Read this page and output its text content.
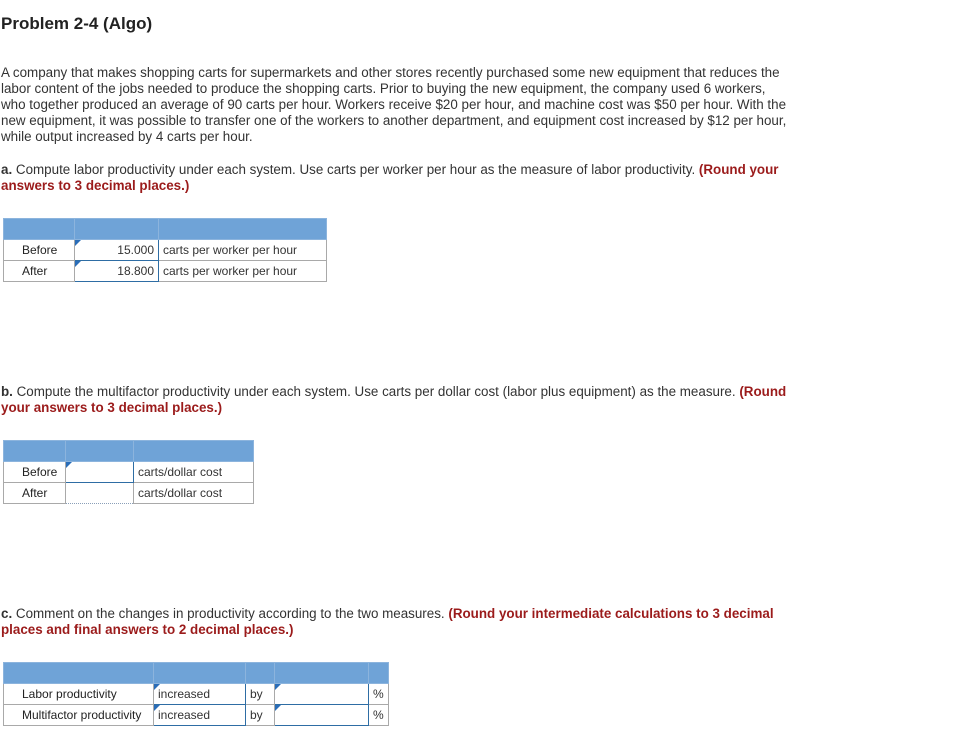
Problem 2-4 (Algo)

A company that makes shopping carts for supermarkets and other stores recently purchased some new equipment that reduces the
labor content of the jobs needed to produce the shopping carts. Prior to buying the new equipment, the company used 6 workers,
who together produced an average of 90 carts per hour. Workers receive $20 per hour, and machine cost was $50 per hour. With the
new equipment, it was possible to transfer one of the workers to another department, and equipment cost increased by $12 per hour,
while output increased by 4 carts per hour.

a. Compute labor productivity under each system. Use carts per worker per hour as the measure of labor productivity. (Round your
answers to 3 decimal places.)

Before	15.000	carts per worker per hour
After	18.800	carts per worker per hour

b. Compute the multifactor productivity under each system. Use carts per dollar cost (labor plus equipment) as the measure. (Round
your answers to 3 decimal places.)

Before		carts/dollar cost
After		carts/dollar cost

c. Comment on the changes in productivity according to the two measures. (Round your intermediate calculations to 3 decimal
places and final answers to 2 decimal places.)

Labor productivity	increased	by		%
Multifactor productivity	increased	by		%
